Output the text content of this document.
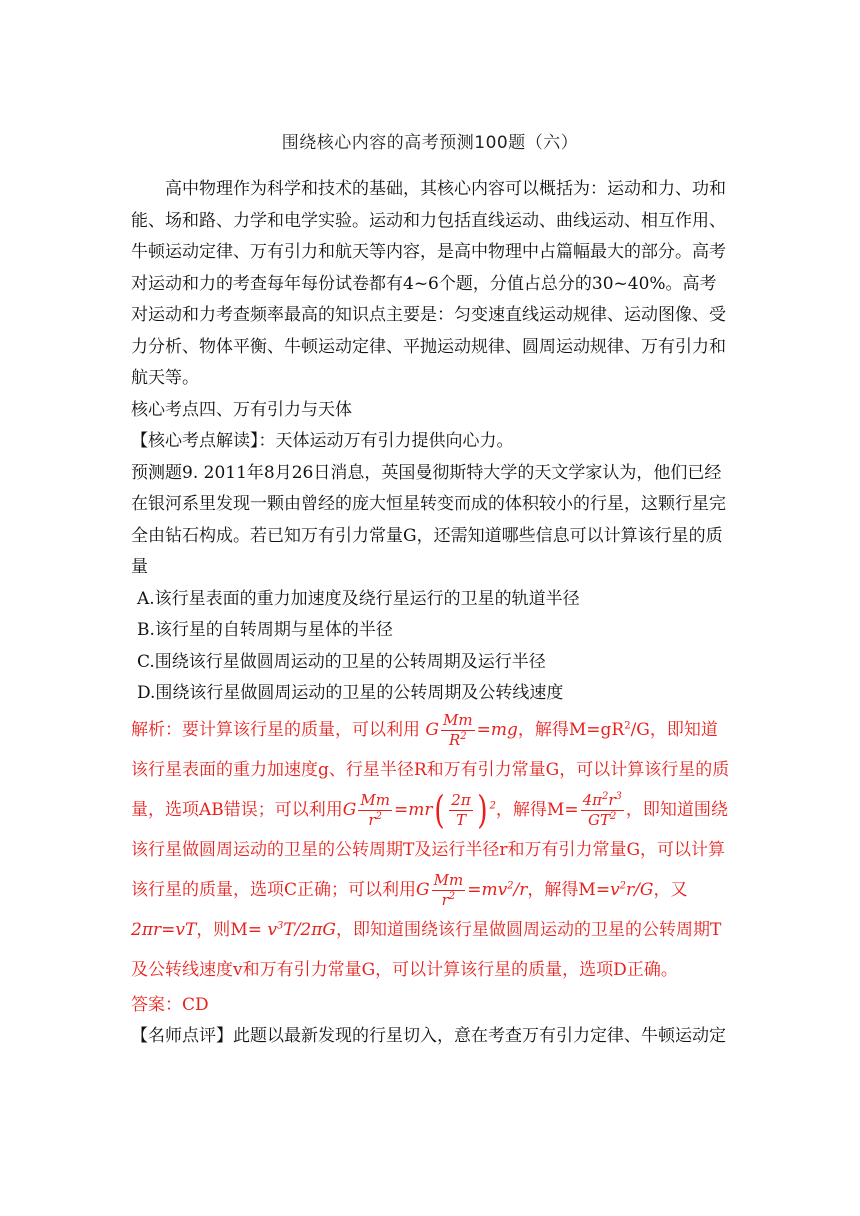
围绕核心内容的高考预测100题（六）

高中物理作为科学和技术的基础，其核心内容可以概括为：运动和力、功和能、场和路、力学和电学实验。运动和力包括直线运动、曲线运动、相互作用、牛顿运动定律、万有引力和航天等内容，是高中物理中占篇幅最大的部分。高考对运动和力的考查每年每份试卷都有4~6个题，分值占总分的30~40%。高考对运动和力考查频率最高的知识点主要是：匀变速直线运动规律、运动图像、受力分析、物体平衡、牛顿运动定律、平抛运动规律、圆周运动规律、万有引力和航天等。

核心考点四、万有引力与天体

【核心考点解读】：天体运动万有引力提供向心力。

预测题9. 2011年8月26日消息，英国曼彻斯特大学的天文学家认为，他们已经在银河系里发现一颗由曾经的庞大恒星转变而成的体积较小的行星，这颗行星完全由钻石构成。若已知万有引力常量G，还需知道哪些信息可以计算该行星的质量

A.该行星表面的重力加速度及绕行星运行的卫星的轨道半径

B.该行星的自转周期与星体的半径

C.围绕该行星做圆周运动的卫星的公转周期及运行半径

D.围绕该行星做圆周运动的卫星的公转周期及公转线速度

解析：要计算该行星的质量，可以利用 G $\frac{Mm}{R^2} =mg$，解得$M=gR^2/G$，即知道该行星表面的重力加速度g、行星半径R和万有引力常量G，可以计算该行星的质量，选项AB错误；可以利用G $\frac{Mm}{r^2} =mr( \frac{2\pi}{T}$ ) $^2$，解得$M= \frac{4\pi^2r^3}{GT^2}$ ，即知道围绕该行星做圆周运动的卫星的公转周期T及运行半径r和万有引力常量G，可以计算该行星的质量，选项C正确；可以利用G $\frac{Mm}{r^2} =mv^2/r$，解得$M=v^2r/G$，又2πr=vT，则$M= v^3T/2\pi G$，即知道围绕该行星做圆周运动的卫星的公转周期T及公转线速度v和万有引力常量G，可以计算该行星的质量，选项D正确。

答案：CD

【名师点评】此题以最新发现的行星切入，意在考查万有引力定律、牛顿运动定
